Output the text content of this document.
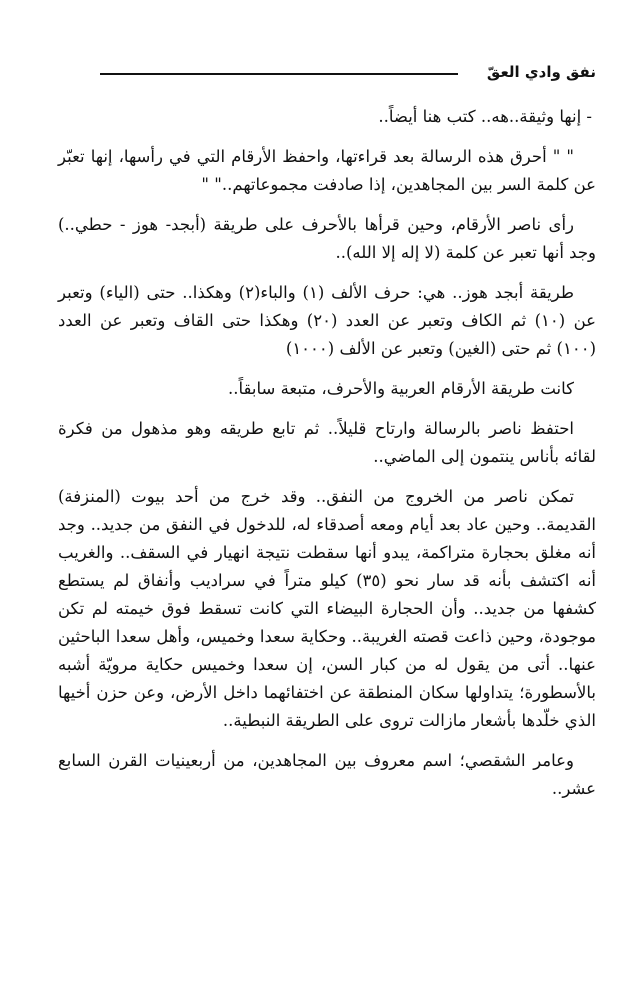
نفق وادي العقّ

- إنها وثيقة..هه.. كتب هنا أيضاً..

" " أحرق هذه الرسالة بعد قراءتها، واحفظ الأرقام التي في رأسها، إنها تعبّر عن كلمة السر بين المجاهدين، إذا صادفت مجموعاتهم.." "

رأى ناصر الأرقام، وحين قرأها بالأحرف على طريقة (أبجد- هوز - حطي..) وجد أنها تعبر عن كلمة (لا إله إلا الله)..

طريقة أبجد هوز.. هي: حرف الألف (١) والباء(٢) وهكذا.. حتى (الياء) وتعبر عن (١٠) ثم الكاف وتعبر عن العدد (٢٠) وهكذا حتى القاف وتعبر عن العدد (١٠٠) ثم حتى (الغين) وتعبر عن الألف (١٠٠٠)

كانت طريقة الأرقام العربية والأحرف، متبعة سابقاً..

احتفظ ناصر بالرسالة وارتاح قليلاً.. ثم تابع طريقه وهو مذهول من فكرة لقائه بأناس ينتمون إلى الماضي..

تمكن ناصر من الخروج من النفق.. وقد خرج من أحد بيوت (المنزفة) القديمة.. وحين عاد بعد أيام ومعه أصدقاء له، للدخول في النفق من جديد.. وجد أنه مغلق بحجارة متراكمة، يبدو أنها سقطت نتيجة انهيار في السقف.. والغريب أنه اكتشف بأنه قد سار نحو (٣٥) كيلو متراً في سراديب وأنفاق لم يستطع كشفها من جديد.. وأن الحجارة البيضاء التي كانت تسقط فوق خيمته لم تكن موجودة، وحين ذاعت قصته الغريبة.. وحكاية سعدا وخميس، وأهل سعدا الباحثين عنها.. أتى من يقول له من كبار السن، إن سعدا وخميس حكاية مرويّة أشبه بالأسطورة؛ يتداولها سكان المنطقة عن اختفائهما داخل الأرض، وعن حزن أخيها الذي خلّدها بأشعار مازالت تروى على الطريقة النبطية..

وعامر الشقصي؛ اسم معروف بين المجاهدين، من أربعينيات القرن السابع عشر..
